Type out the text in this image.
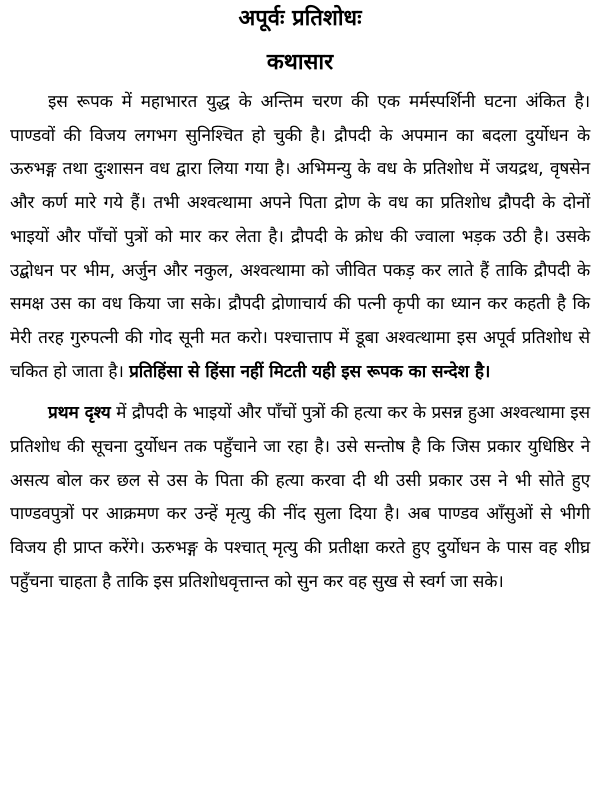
अपूर्वः प्रतिशोधः
कथासार

इस रूपक में महाभारत युद्ध के अन्तिम चरण की एक मर्मस्पर्शिनी घटना अंकित है। पाण्डवों की विजय लगभग सुनिश्चित हो चुकी है। द्रौपदी के अपमान का बदला दुर्योधन के ऊरुभङ्ग तथा दुःशासन वध द्वारा लिया गया है। अभिमन्यु के वध के प्रतिशोध में जयद्रथ, वृषसेन और कर्ण मारे गये हैं। तभी अश्वत्थामा अपने पिता द्रोण के वध का प्रतिशोध द्रौपदी के दोनों भाइयों और पाँचों पुत्रों को मार कर लेता है। द्रौपदी के क्रोध की ज्वाला भड़क उठी है। उसके उद्बोधन पर भीम, अर्जुन और नकुल, अश्वत्थामा को जीवित पकड़ कर लाते हैं ताकि द्रौपदी के समक्ष उस का वध किया जा सके। द्रौपदी द्रोणाचार्य की पत्नी कृपी का ध्यान कर कहती है कि मेरी तरह गुरुपत्नी की गोद सूनी मत करो। पश्चात्ताप में डूबा अश्वत्थामा इस अपूर्व प्रतिशोध से चकित हो जाता है। प्रतिहिंसा से हिंसा नहीं मिटती यही इस रूपक का सन्देश है।

प्रथम दृश्य में द्रौपदी के भाइयों और पाँचों पुत्रों की हत्या कर के प्रसन्न हुआ अश्वत्थामा इस प्रतिशोध की सूचना दुर्योधन तक पहुँचाने जा रहा है। उसे सन्तोष है कि जिस प्रकार युधिष्ठिर ने असत्य बोल कर छल से उस के पिता की हत्या करवा दी थी उसी प्रकार उस ने भी सोते हुए पाण्डवपुत्रों पर आक्रमण कर उन्हें मृत्यु की नींद सुला दिया है। अब पाण्डव आँसुओं से भीगी विजय ही प्राप्त करेंगे। ऊरुभङ्ग के पश्चात् मृत्यु की प्रतीक्षा करते हुए दुर्योधन के पास वह शीघ्र पहुँचना चाहता है ताकि इस प्रतिशोधवृत्तान्त को सुन कर वह सुख से स्वर्ग जा सके।
